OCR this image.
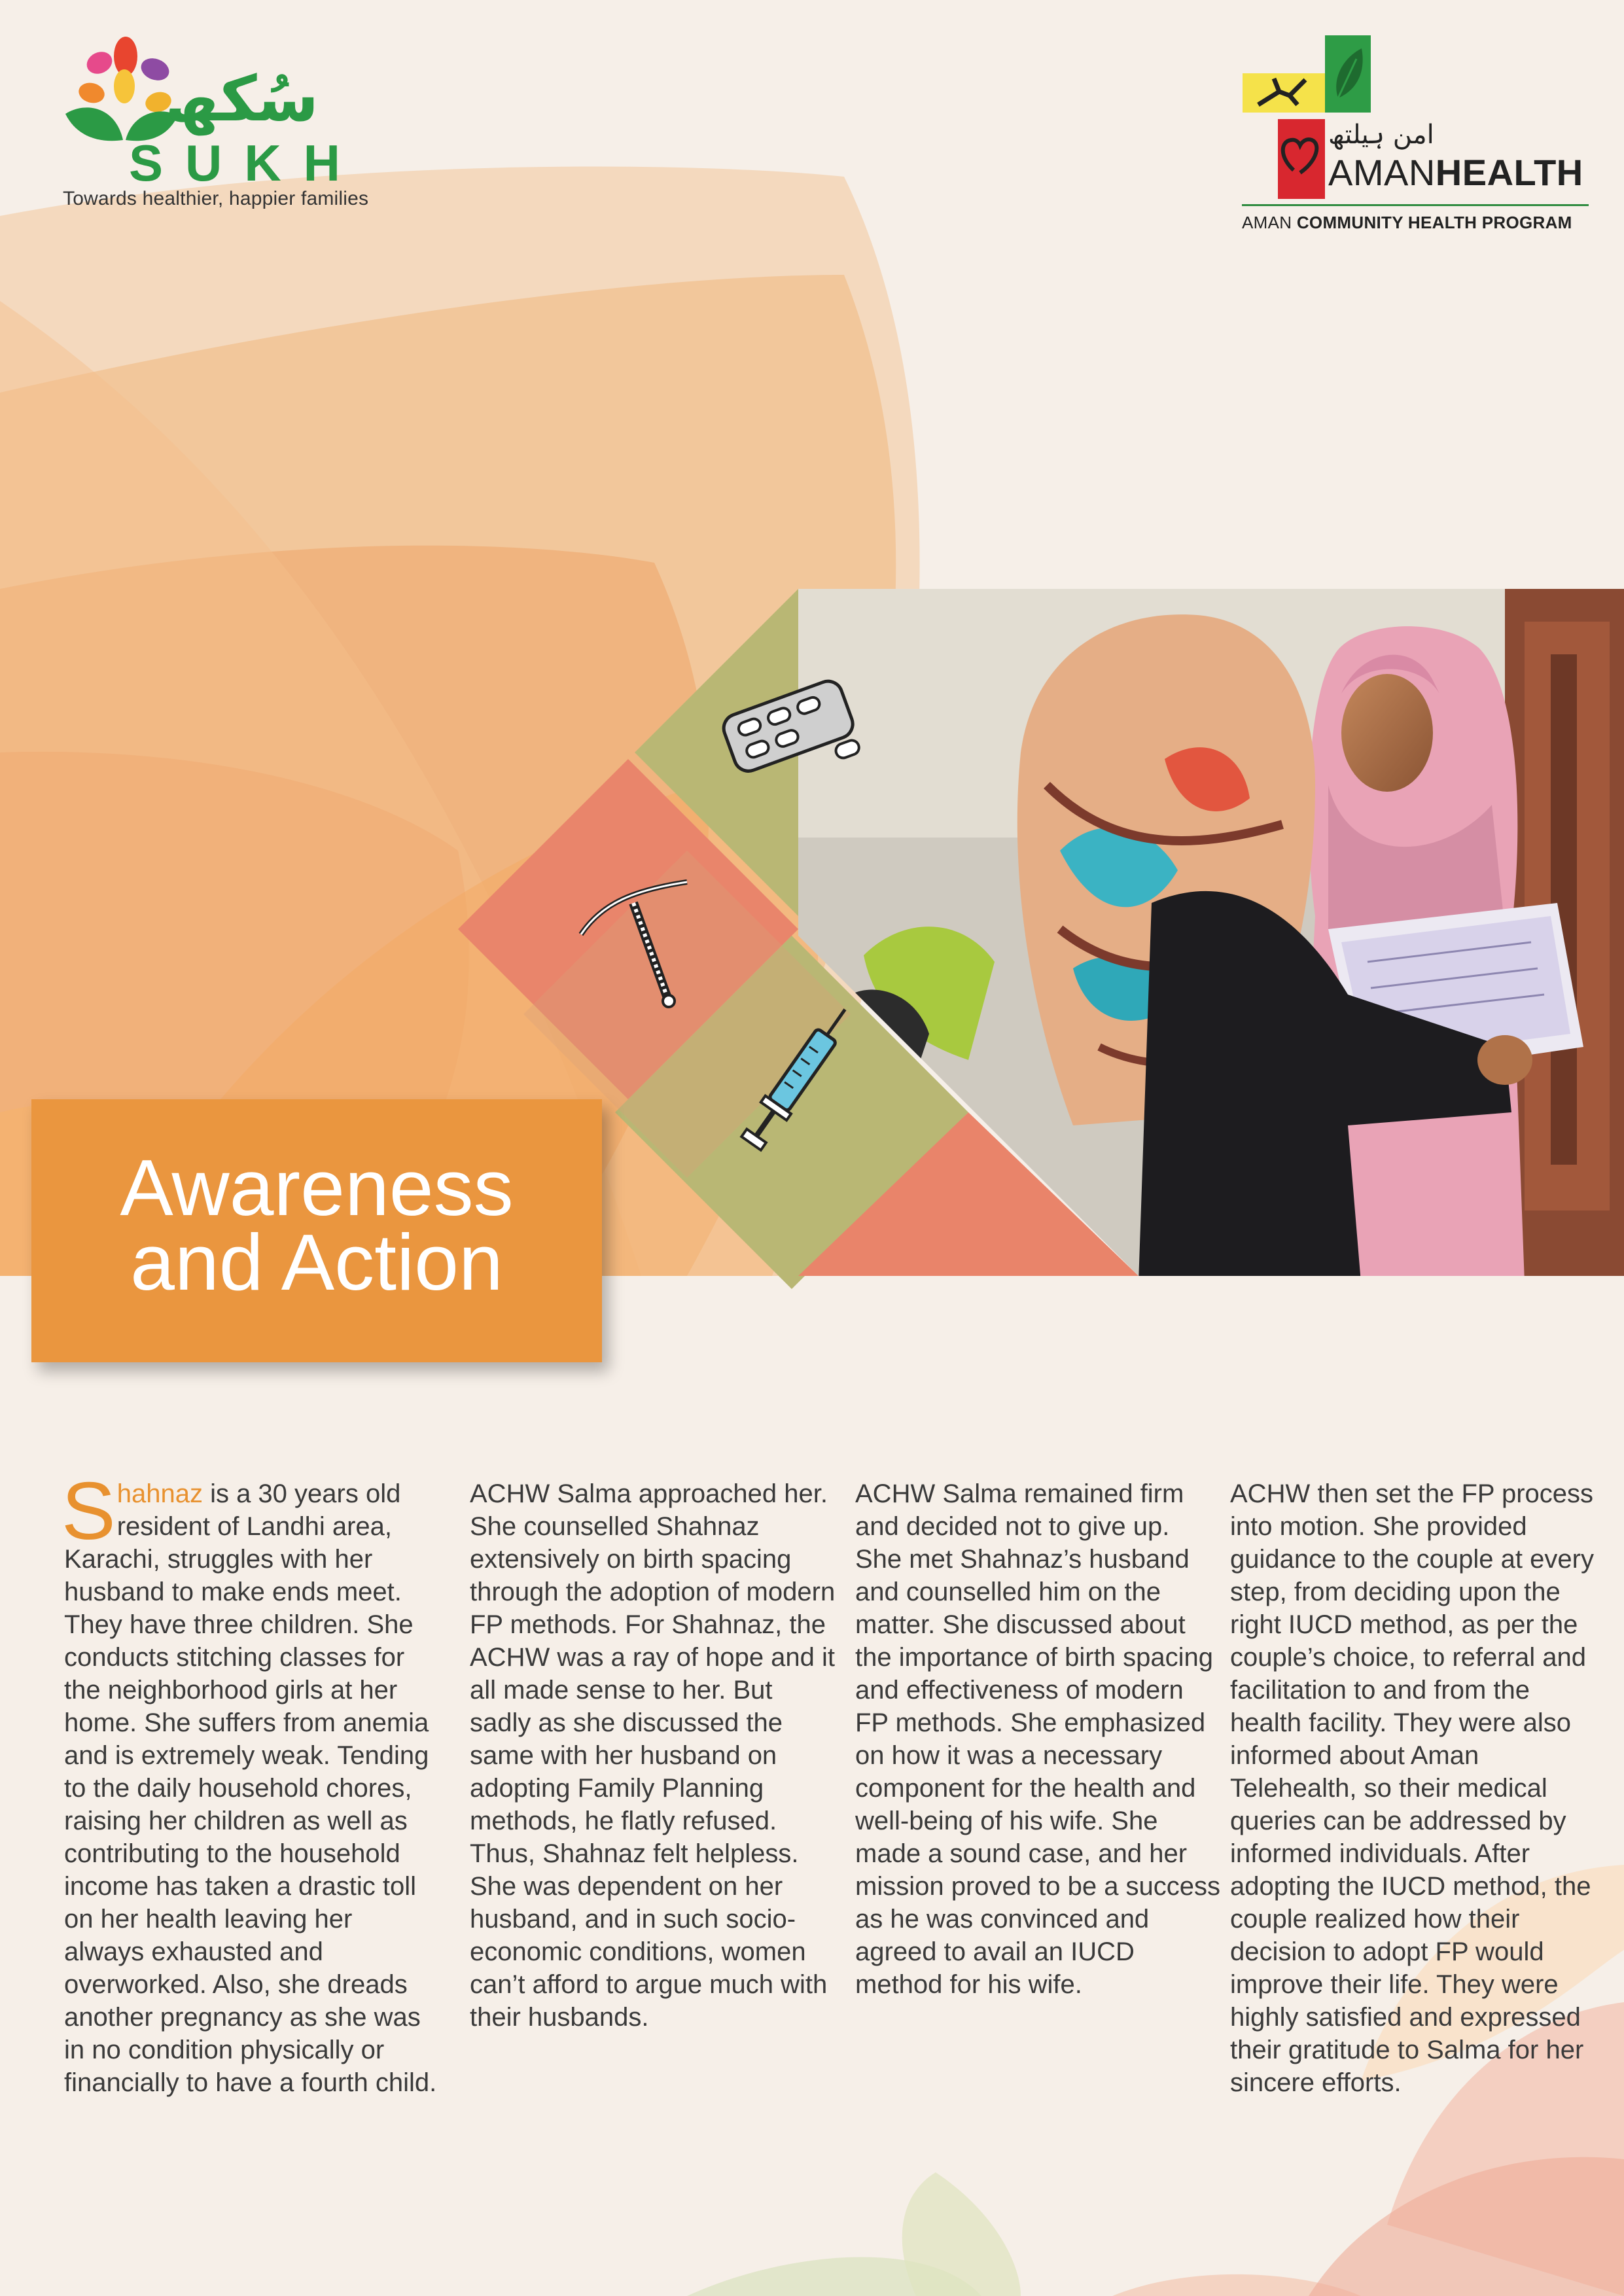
سُکھ
SUKH
Towards healthier, happier families
امن ہیلتھ
AMANHEALTH
AMAN COMMUNITY HEALTH PROGRAM
Awareness
and Action

Shahnaz is a 30 years old resident of Landhi area, Karachi, struggles with her husband to make ends meet. They have three children. She conducts stitching classes for the neighborhood girls at her home. She suffers from anemia and is extremely weak. Tending to the daily household chores, raising her children as well as contributing to the household income has taken a drastic toll on her health leaving her always exhausted and overworked. Also, she dreads another pregnancy as she was in no condition physically or financially to have a fourth child.

ACHW Salma approached her. She counselled Shahnaz extensively on birth spacing through the adoption of modern FP methods. For Shahnaz, the ACHW was a ray of hope and it all made sense to her. But sadly as she discussed the same with her husband on adopting Family Planning methods, he flatly refused. Thus, Shahnaz felt helpless. She was dependent on her husband, and in such socio-economic conditions, women can’t afford to argue much with their husbands.

ACHW Salma remained firm and decided not to give up. She met Shahnaz’s husband and counselled him on the matter. She discussed about the importance of birth spacing and effectiveness of modern FP methods. She emphasized on how it was a necessary component for the health and well-being of his wife. She made a sound case, and her mission proved to be a success as he was convinced and agreed to avail an IUCD method for his wife.

ACHW then set the FP process into motion. She provided guidance to the couple at every step, from deciding upon the right IUCD method, as per the couple’s choice, to referral and facilitation to and from the health facility. They were also informed about Aman Telehealth, so their medical queries can be addressed by informed individuals. After adopting the IUCD method, the couple realized how their decision to adopt FP would improve their life. They were highly satisfied and expressed their gratitude to Salma for her sincere efforts.
